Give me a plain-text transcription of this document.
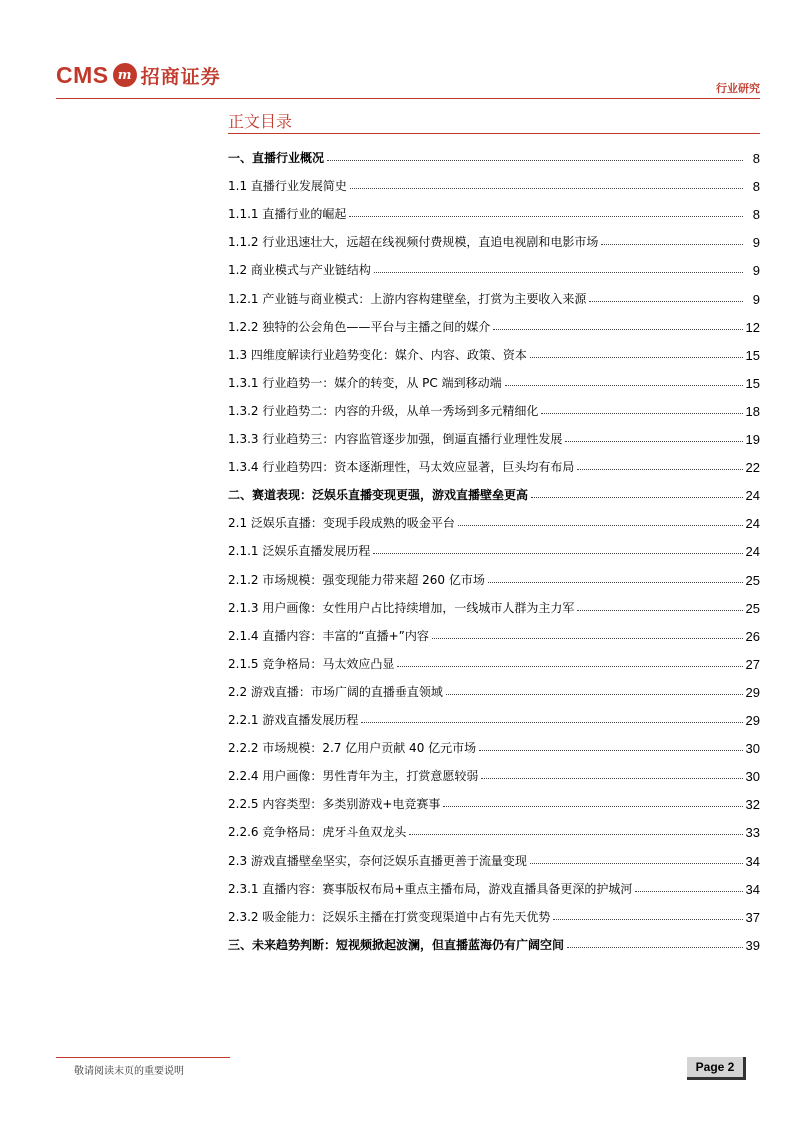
CMS m 招商证券
行业研究
正文目录
一、直播行业概况	8
1.1 直播行业发展简史	8
1.1.1 直播行业的崛起	8
1.1.2 行业迅速壮大，远超在线视频付费规模，直追电视剧和电影市场	9
1.2 商业模式与产业链结构	9
1.2.1 产业链与商业模式：上游内容构建壁垒，打赏为主要收入来源	9
1.2.2 独特的公会角色——平台与主播之间的媒介	12
1.3 四维度解读行业趋势变化：媒介、内容、政策、资本	15
1.3.1 行业趋势一：媒介的转变，从 PC 端到移动端	15
1.3.2 行业趋势二：内容的升级，从单一秀场到多元精细化	18
1.3.3 行业趋势三：内容监管逐步加强，倒逼直播行业理性发展	19
1.3.4 行业趋势四：资本逐渐理性，马太效应显著，巨头均有布局	22
二、赛道表现：泛娱乐直播变现更强，游戏直播壁垒更高	24
2.1 泛娱乐直播：变现手段成熟的吸金平台	24
2.1.1 泛娱乐直播发展历程	24
2.1.2 市场规模：强变现能力带来超 260 亿市场	25
2.1.3 用户画像：女性用户占比持续增加，一线城市人群为主力军	25
2.1.4 直播内容：丰富的“直播+”内容	26
2.1.5 竞争格局：马太效应凸显	27
2.2 游戏直播：市场广阔的直播垂直领域	29
2.2.1 游戏直播发展历程	29
2.2.2 市场规模：2.7 亿用户贡献 40 亿元市场	30
2.2.4 用户画像：男性青年为主，打赏意愿较弱	30
2.2.5 内容类型：多类别游戏+电竞赛事	32
2.2.6 竞争格局：虎牙斗鱼双龙头	33
2.3 游戏直播壁垒坚实，奈何泛娱乐直播更善于流量变现	34
2.3.1 直播内容：赛事版权布局+重点主播布局，游戏直播具备更深的护城河	34
2.3.2 吸金能力：泛娱乐主播在打赏变现渠道中占有先天优势	37
三、未来趋势判断：短视频掀起波澜，但直播蓝海仍有广阔空间	39
敬请阅读末页的重要说明	Page 2
